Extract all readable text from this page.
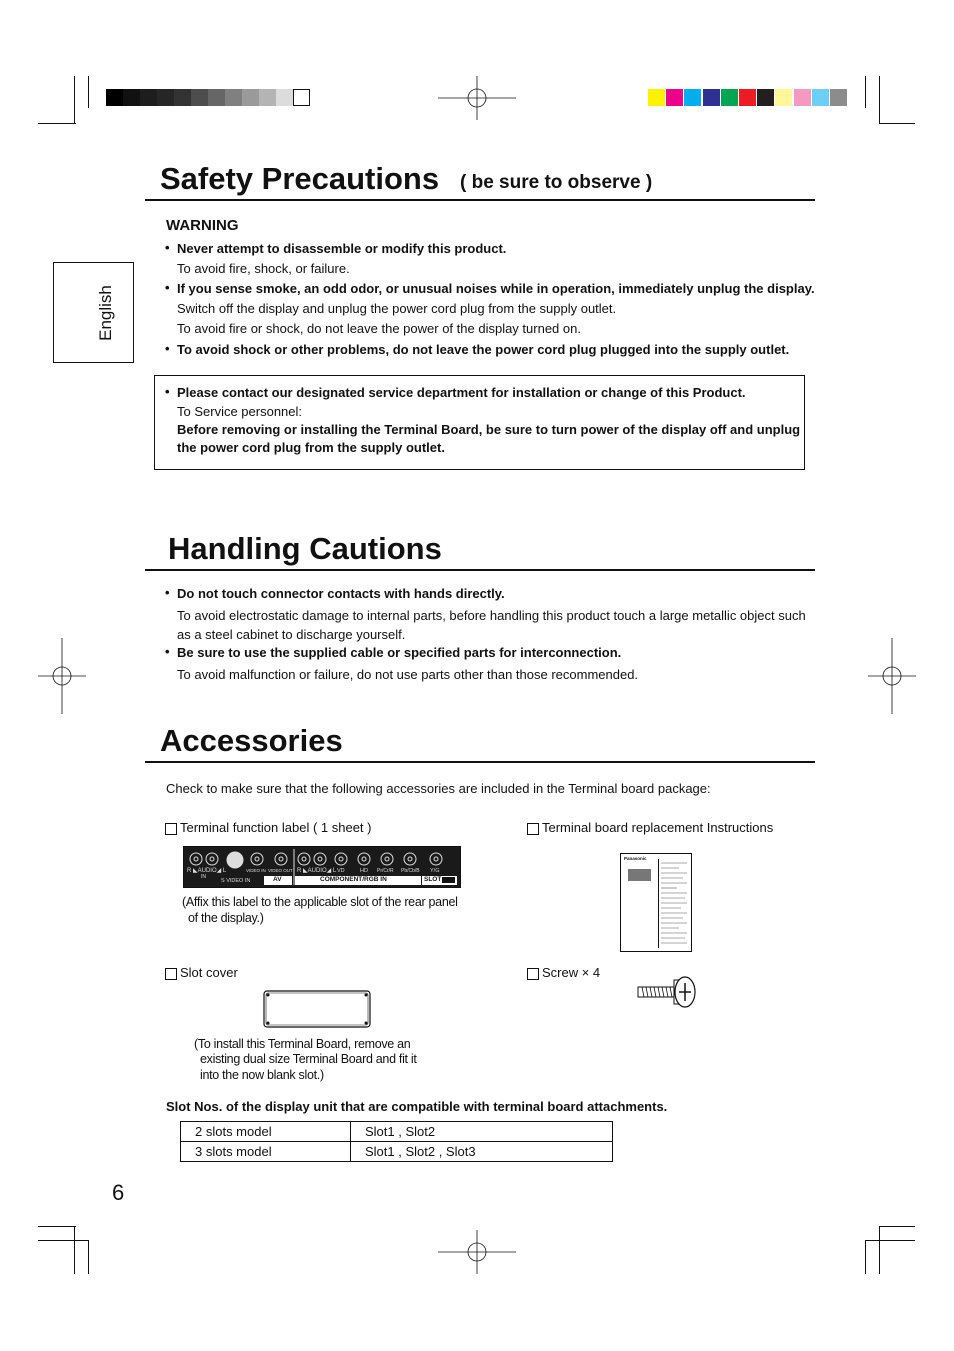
English
Safety Precautions ( be sure to observe )
WARNING
• Never attempt to disassemble or modify this product.
To avoid fire, shock, or failure.
• If you sense smoke, an odd odor, or unusual noises while in operation, immediately unplug the display.
Switch off the display and unplug the power cord plug from the supply outlet.
To avoid fire or shock, do not leave the power of the display turned on.
• To avoid shock or other problems, do not leave the power cord plug plugged into the supply outlet.
• Please contact our designated service department for installation or change of this Product.
To Service personnel:
Before removing or installing the Terminal Board, be sure to turn power of the display off and unplug
the power cord plug from the supply outlet.
Handling Cautions
• Do not touch connector contacts with hands directly.
To avoid electrostatic damage to internal parts, before handling this product touch a large metallic object such
as a steel cabinet to discharge yourself.
• Be sure to use the supplied cable or specified parts for interconnection.
To avoid malfunction or failure, do not use parts other than those recommended.
Accessories
Check to make sure that the following accessories are included in the Terminal board package:
Terminal function label ( 1 sheet )	Terminal board replacement Instructions
R ◣AUDIO◢ L
IN
S VIDEO IN
VIDEO IN VIDEO OUT R ◣AUDIO◢ L VD	HD Pr/Cr/R Pb/Cb/B Y/G
AV	COMPONENT/RGB IN	SLOT
(Affix this label to the applicable slot of the rear panel
of the display.)
Panasonic
Slot cover	Screw × 4
(To install this Terminal Board, remove an
existing dual size Terminal Board and fit it
into the now blank slot.)
Slot Nos. of the display unit that are compatible with terminal board attachments.
2 slots model	Slot1 , Slot2
3 slots model	Slot1 , Slot2 , Slot3
6
